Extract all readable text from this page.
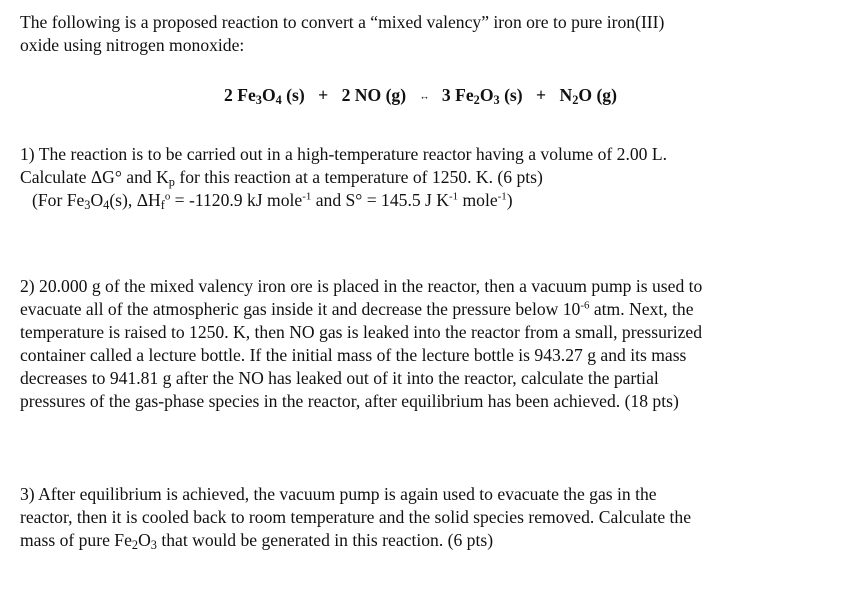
The following is a proposed reaction to convert a “mixed valency” iron ore to pure iron(III)
oxide using nitrogen monoxide:

2 $Fe_3O_4$ (s) + 2 NO (g) ↔ 3 $Fe_2O_3$ $(s) + N_2O$ (g)

1) The reaction is to be carried out in a high-temperature reactor having a volume of 2.00 L.
Calculate ΔG° and $K_p$ for this reaction at a temperature of 1250. K. (6 pts)
(For $Fe_3O_4(s)$, $\Delta H_f^o = -1120.9$ kJ mole$^{-1}$ and S° = 145.5 J $K^{-1}$ mole$^{-1}$)

2) 20.000 g of the mixed valency iron ore is placed in the reactor, then a vacuum pump is used to
evacuate all of the atmospheric gas inside it and decrease the pressure below $10^{-6}$ atm. Next, the
temperature is raised to 1250. K, then NO gas is leaked into the reactor from a small, pressurized
container called a lecture bottle. If the initial mass of the lecture bottle is 943.27 g and its mass
decreases to 941.81 g after the NO has leaked out of it into the reactor, calculate the partial
pressures of the gas-phase species in the reactor, after equilibrium has been achieved. (18 pts)

3) After equilibrium is achieved, the vacuum pump is again used to evacuate the gas in the
reactor, then it is cooled back to room temperature and the solid species removed. Calculate the
mass of pure $Fe_2O_3$ that would be generated in this reaction. (6 pts)
